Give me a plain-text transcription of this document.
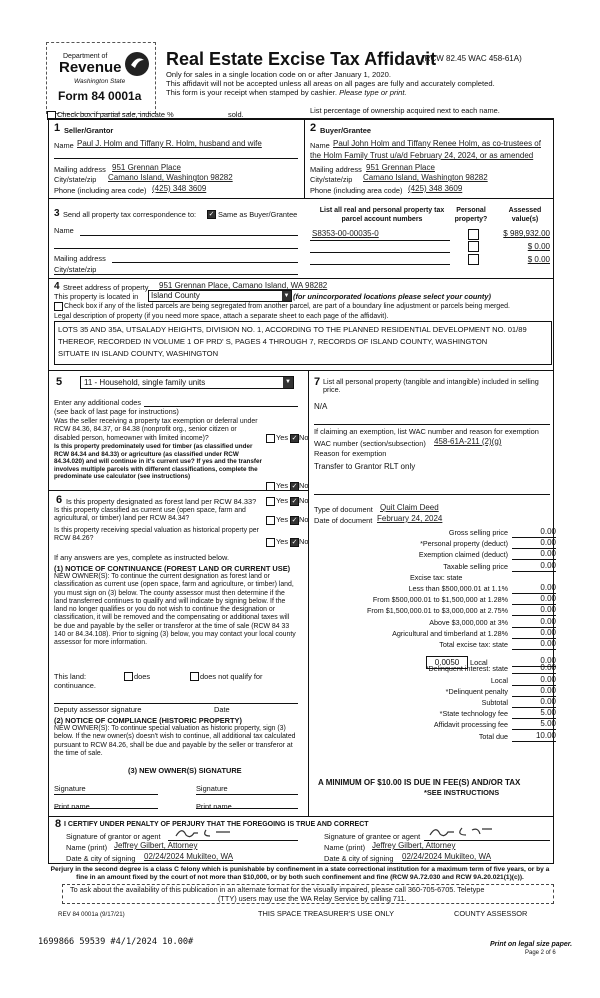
Department of
Revenue
Washington State
Form 84 0001a
Real Estate Excise Tax Affidavit
(RCW 82.45 WAC 458-61A)
Only for sales in a single location code on or after January 1, 2020.
This affidavit will not be accepted unless all areas on all pages are fully and accurately completed.
This form is your receipt when stamped by cashier. Please type or print.
Check box if partial sale, indicate %	sold.	List percentage of ownership acquired next to each name.
1 Seller/Grantor
Name Paul J. Holm and Tiffany R. Holm, husband and wife
Mailing address 951 Grennan Place
City/state/zip Camano Island, Washington 98282
Phone (including area code) (425) 348 3609
2 Buyer/Grantee
Name Paul John Holm and Tiffany Renee Holm, as co-trustees of
the Holm Family Trust u/a/d February 24, 2024, or as amended
Mailing address 951 Grennan Place
City/state/zip Camano Island, Washington 98282
Phone (including area code) (425) 348 3609
3 Send all property tax correspondence to: ✓ Same as Buyer/Grantee
Name
Mailing address
City/state/zip
List all real and personal property tax parcel account numbers
Personal property?
Assessed value(s)
S8353-00-00035-0	$ 989,932.00
$ 0.00
$ 0.00
4 Street address of property 951 Grennan Place, Camano Island, WA 98282
This property is located in Island County	▼ (for unincorporated locations please select your county)
Check box if any of the listed parcels are being segregated from another parcel, are part of a boundary line adjustment or parcels being merged.
Legal description of property (if you need more space, attach a separate sheet to each page of the affidavit).
LOTS 35 AND 35A, UTSALADY HEIGHTS, DIVISION NO. 1, ACCORDING TO THE PLANNED RESIDENTIAL DEVELOPMENT NO. 01/89
THEREOF, RECORDED IN VOLUME 1 OF PRD' S, PAGES 4 THROUGH 7, RECORDS OF ISLAND COUNTY, WASHINGTON
SITUATE IN ISLAND COUNTY, WASHINGTON
5	11 - Household, single family units	▼
Enter any additional codes
(see back of last page for instructions)
Was the seller receiving a property tax exemption or deferral under RCW 84.36, 84.37, or 84.38 (nonprofit org., senior citizen or disabled person, homeowner with limited income)?	Yes ✓ No
Is this property predominately used for timber (as classified under RCW 84.34 and 84.33) or agriculture (as classified under RCW 84.34.020) and will continue in it's current use? If yes and the transfer involves multiple parcels with different classifications, complete the predominate use calculator (see instructions)
Yes ✓ No
6 Is this property designated as forest land per RCW 84.33?	Yes ✓ No
Is this property classified as current use (open space, farm and agricultural, or timber) land per RCW 84.34?	Yes ✓ No
Is this property receiving special valuation as historical property per RCW 84.26?	Yes ✓ No
If any answers are yes, complete as instructed below.
(1) NOTICE OF CONTINUANCE (FOREST LAND OR CURRENT USE)
NEW OWNER(S): To continue the current designation as forest land or classification as current use (open space, farm and agriculture, or timber) land, you must sign on (3) below. The county assessor must then determine if the land transferred continues to qualify and will indicate by signing below. If the land no longer qualifies or you do not wish to continue the designation or classification, it will be removed and the compensating or additional taxes will be due and payable by the seller or transferor at the time of sale (RCW 84 33 140 or 84.34.108). Prior to signing (3) below, you may contact your local county assessor for more information.
This land:	does	does not qualify for
continuance.
Deputy assessor signature	Date
(2) NOTICE OF COMPLIANCE (HISTORIC PROPERTY)
NEW OWNER(S): To continue special valuation as historic property, sign (3) below. If the new owner(s) doesn't wish to continue, all additional tax calculated pursuant to RCW 84.26, shall be due and payable by the seller or transferor at the time of sale.
(3) NEW OWNER(S) SIGNATURE
Signature	Signature
Print name	Print name
7 List all personal property (tangible and intangible) included in selling price.
N/A
If claiming an exemption, list WAC number and reason for exemption
WAC number (section/subsection) 458-61A-211 (2)(g)
Reason for exemption
Transfer to Grantor RLT only
Type of document Quit Claim Deed
Date of document February 24, 2024
Gross selling price	0.00
*Personal property (deduct)	0.00
Exemption claimed (deduct)	0.00
Taxable selling price	0.00
Excise tax: state
Less than $500,000.01 at 1.1%	0.00
From $500,000.01 to $1,500,000 at 1.28%	0.00
From $1,500,000.01 to $3,000,000 at 2.75%	0.00
Above $3,000,000 at 3%	0.00
Agricultural and timberland at 1.28%	0.00
Total excise tax: state	0.00
*Delinquent interest: state	0.00
Local	0.00
*Delinquent penalty	0.00
Subtotal	0.00
*State technology fee	5.00
Affidavit processing fee	5.00
Total due	10.00
0.0050	Local	0.00
A MINIMUM OF $10.00 IS DUE IN FEE(S) AND/OR TAX
*SEE INSTRUCTIONS
8 I CERTIFY UNDER PENALTY OF PERJURY THAT THE FOREGOING IS TRUE AND CORRECT
Signature of grantor or agent
Name (print) Jeffrey Gilbert, Attorney
Date & city of signing 02/24/2024 Mukilteo, WA
Signature of grantee or agent
Name (print) Jeffrey Gilbert, Attorney
Date & city of signing 02/24/2024 Mukilteo, WA
Perjury in the second degree is a class C felony which is punishable by confinement in a state correctional institution for a maximum term of five years, or by a fine in an amount fixed by the court of not more than $10,000, or by both such confinement and fine (RCW 9A.72.030 and RCW 9A.20.021(1)(c)).
To ask about the availability of this publication in an alternate format for the visually impaired, please call 360-705-6705. Teletype
(TTY) users may use the WA Relay Service by calling 711.
REV 84 0001a (9/17/21)	THIS SPACE TREASURER'S USE ONLY	COUNTY ASSESSOR
1699866 59539 #4/1/2024 10.00#	Print on legal size paper.
Page 2 of 6
